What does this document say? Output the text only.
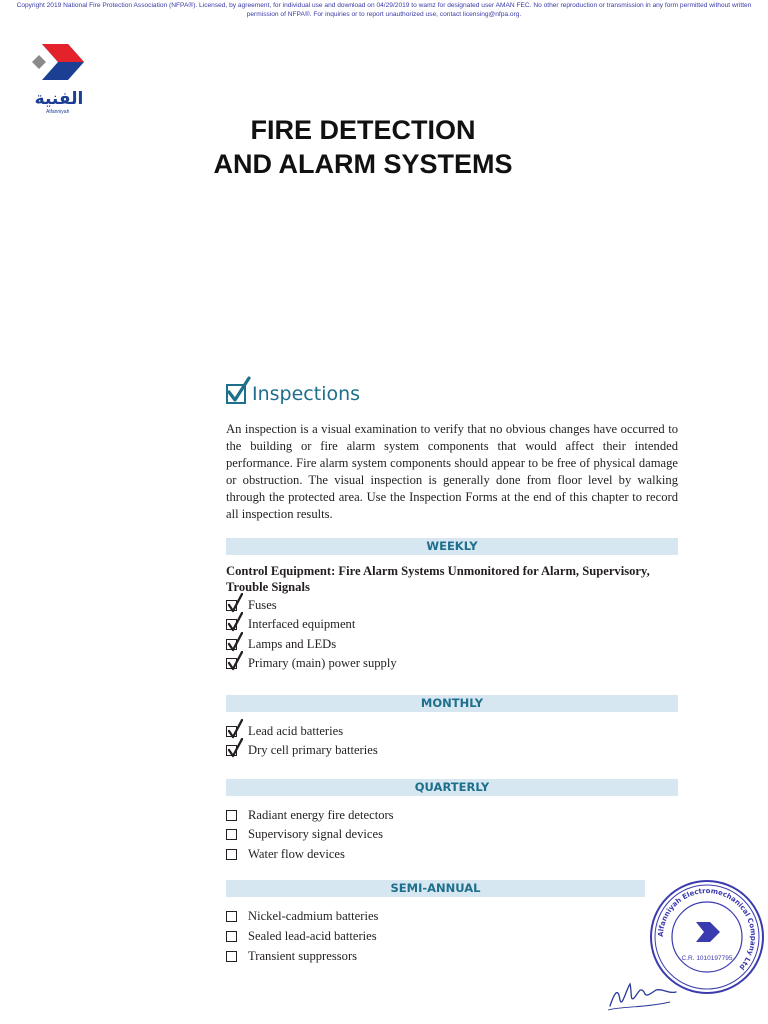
Copyright 2019 National Fire Protection Association (NFPA®). Licensed, by agreement, for individual use and download on 04/29/2019 to wamz for designated user AMAN FEC. No other reproduction or transmission in any form permitted without written permission of NFPA®. For inquiries or to report unauthorized use, contact licensing@nfpa.org.
الفنية
Alfanniyah
FIRE DETECTION
AND ALARM SYSTEMS
Inspections

An inspection is a visual examination to verify that no obvious changes have occurred to the building or fire alarm system components that would affect their intended performance. Fire alarm system components should appear to be free of physical damage or obstruction. The visual inspection is generally done from floor level by walking through the protected area. Use the Inspection Forms at the end of this chapter to record all inspection results.

WEEKLY
Control Equipment: Fire Alarm Systems Unmonitored for Alarm, Supervisory, Trouble Signals
Fuses
Interfaced equipment
Lamps and LEDs
Primary (main) power supply
MONTHLY
Lead acid batteries
Dry cell primary batteries
QUARTERLY
Radiant energy fire detectors
Supervisory signal devices
Water flow devices
SEMI-ANNUAL
Nickel-cadmium batteries
Sealed lead-acid batteries
Transient suppressors
Alfanniyah Electromechanical Company Ltd
C.R. 1010197795
